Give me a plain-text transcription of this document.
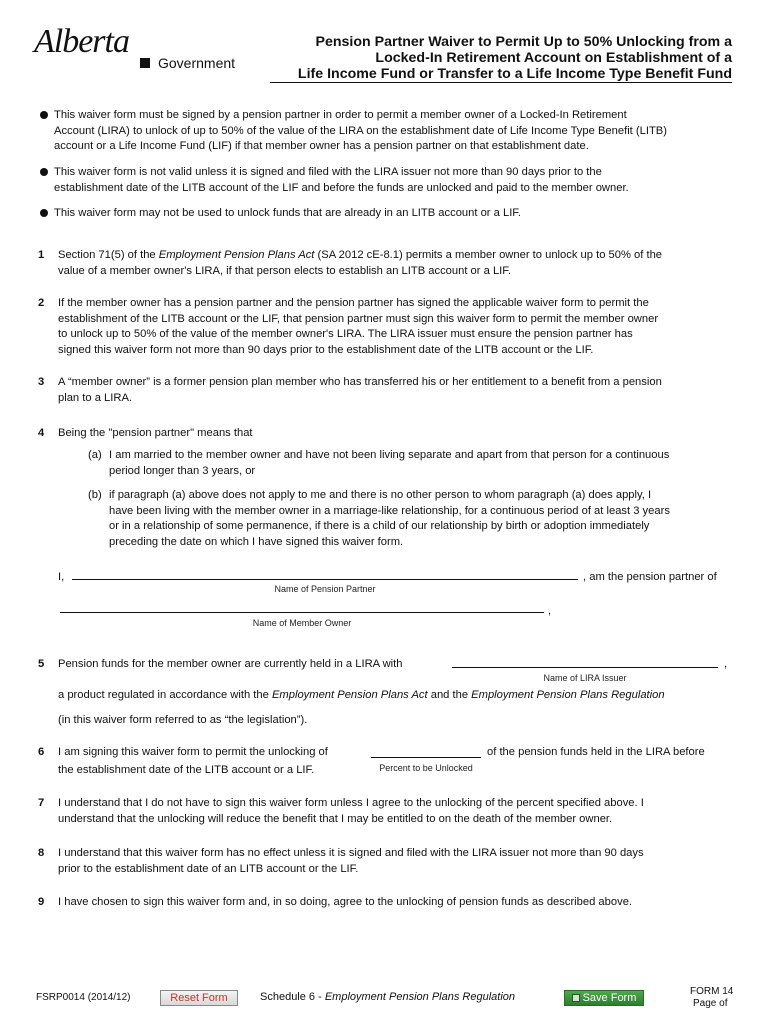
Alberta
Government
Pension Partner Waiver to Permit Up to 50% Unlocking from a
Locked-In Retirement Account on Establishment of a
Life Income Fund or Transfer to a Life Income Type Benefit Fund
This waiver form must be signed by a pension partner in order to permit a member owner of a Locked-In Retirement
Account (LIRA) to unlock of up to 50% of the value of the LIRA on the establishment date of Life Income Type Benefit (LITB)
account or a Life Income Fund (LIF) if that member owner has a pension partner on that establishment date.
This waiver form is not valid unless it is signed and filed with the LIRA issuer not more than 90 days prior to the
establishment date of the LITB account of the LIF and before the funds are unlocked and paid to the member owner.
This waiver form may not be used to unlock funds that are already in an LITB account or a LIF.
1 Section 71(5) of the Employment Pension Plans Act (SA 2012 cE-8.1) permits a member owner to unlock up to 50% of the
value of a member owner's LIRA, if that person elects to establish an LITB account or a LIF.
2 If the member owner has a pension partner and the pension partner has signed the applicable waiver form to permit the
establishment of the LITB account or the LIF, that pension partner must sign this waiver form to permit the member owner
to unlock up to 50% of the value of the member owner's LIRA. The LIRA issuer must ensure the pension partner has
signed this waiver form not more than 90 days prior to the establishment date of the LITB account or the LIF.
3 A “member owner” is a former pension plan member who has transferred his or her entitlement to a benefit from a pension
plan to a LIRA.
4 Being the "pension partner" means that
(a) I am married to the member owner and have not been living separate and apart from that person for a continuous
period longer than 3 years, or
(b) if paragraph (a) above does not apply to me and there is no other person to whom paragraph (a) does apply, I
have been living with the member owner in a marriage-like relationship, for a continuous period of at least 3 years
or in a relationship of some permanence, if there is a child of our relationship by birth or adoption immediately
preceding the date on which I have signed this waiver form.
I,
Name of Pension Partner
, am the pension partner of
,
Name of Member Owner
5 Pension funds for the member owner are currently held in a LIRA with	,
Name of LIRA Issuer
a product regulated in accordance with the Employment Pension Plans Act and the Employment Pension Plans Regulation
(in this waiver form referred to as “the legislation”).
6 I am signing this waiver form to permit the unlocking of
Percent to be Unlocked
of the pension funds held in the LIRA before
the establishment date of the LITB account or a LIF.
7 I understand that I do not have to sign this waiver form unless I agree to the unlocking of the percent specified above. I
understand that the unlocking will reduce the benefit that I may be entitled to on the death of the member owner.
8 I understand that this waiver form has no effect unless it is signed and filed with the LIRA issuer not more than 90 days
prior to the establishment date of an LITB account or the LIF.
9 I have chosen to sign this waiver form and, in so doing, agree to the unlocking of pension funds as described above.
FSRP0014 (2014/12)	Reset Form	Schedule 6 - Employment Pension Plans Regulation	Save Form
FORM 14
Page of
